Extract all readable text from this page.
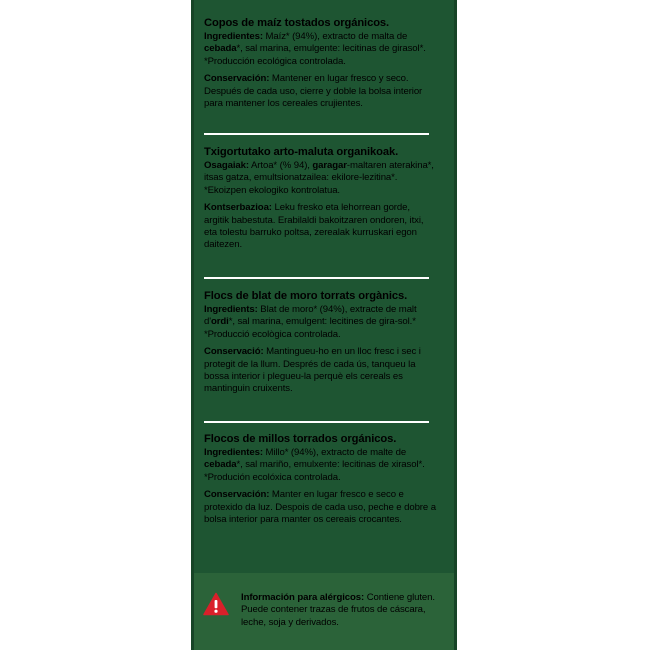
Copos de maíz tostados orgánicos.

Ingredientes: Maíz* (94%), extracto de malta de cebada*, sal marina, emulgente: lecitinas de girasol*. *Producción ecológica controlada.

Conservación: Mantener en lugar fresco y seco. Después de cada uso, cierre y doble la bolsa interior para mantener los cereales crujientes.

Txigortutako arto-maluta organikoak.

Osagaiak: Artoa* (% 94), garagar-maltaren aterakina*, itsas gatza, emultsionatzailea: ekilore-lezitina*. *Ekoizpen ekologiko kontrolatua.

Kontserbazioa: Leku fresko eta lehorrean gorde, argitik babestuta. Erabilaldi bakoitzaren ondoren, itxi, eta tolestu barruko poltsa, zerealak kurruskari egon daitezen.

Flocs de blat de moro torrats orgànics.

Ingredients: Blat de moro* (94%), extracte de malt d'ordi*, sal marina, emulgent: lecitines de gira-sol.* *Producció ecològica controlada.

Conservació: Mantingueu-ho en un lloc fresc i sec i protegit de la llum. Després de cada ús, tanqueu la bossa interior i plegueu-la perquè els cereals es mantinguin cruixents.

Flocos de millos torrados orgánicos.

Ingredientes: Millo* (94%), extracto de malte de cebada*, sal mariño, emulxente: lecitinas de xirasol*. *Produción ecolóxica controlada.

Conservación: Manter en lugar fresco e seco e protexido da luz. Despois de cada uso, peche e dobre a bolsa interior para manter os cereais crocantes.

Información para alérgicos: Contiene gluten. Puede contener trazas de frutos de cáscara, leche, soja y derivados.
